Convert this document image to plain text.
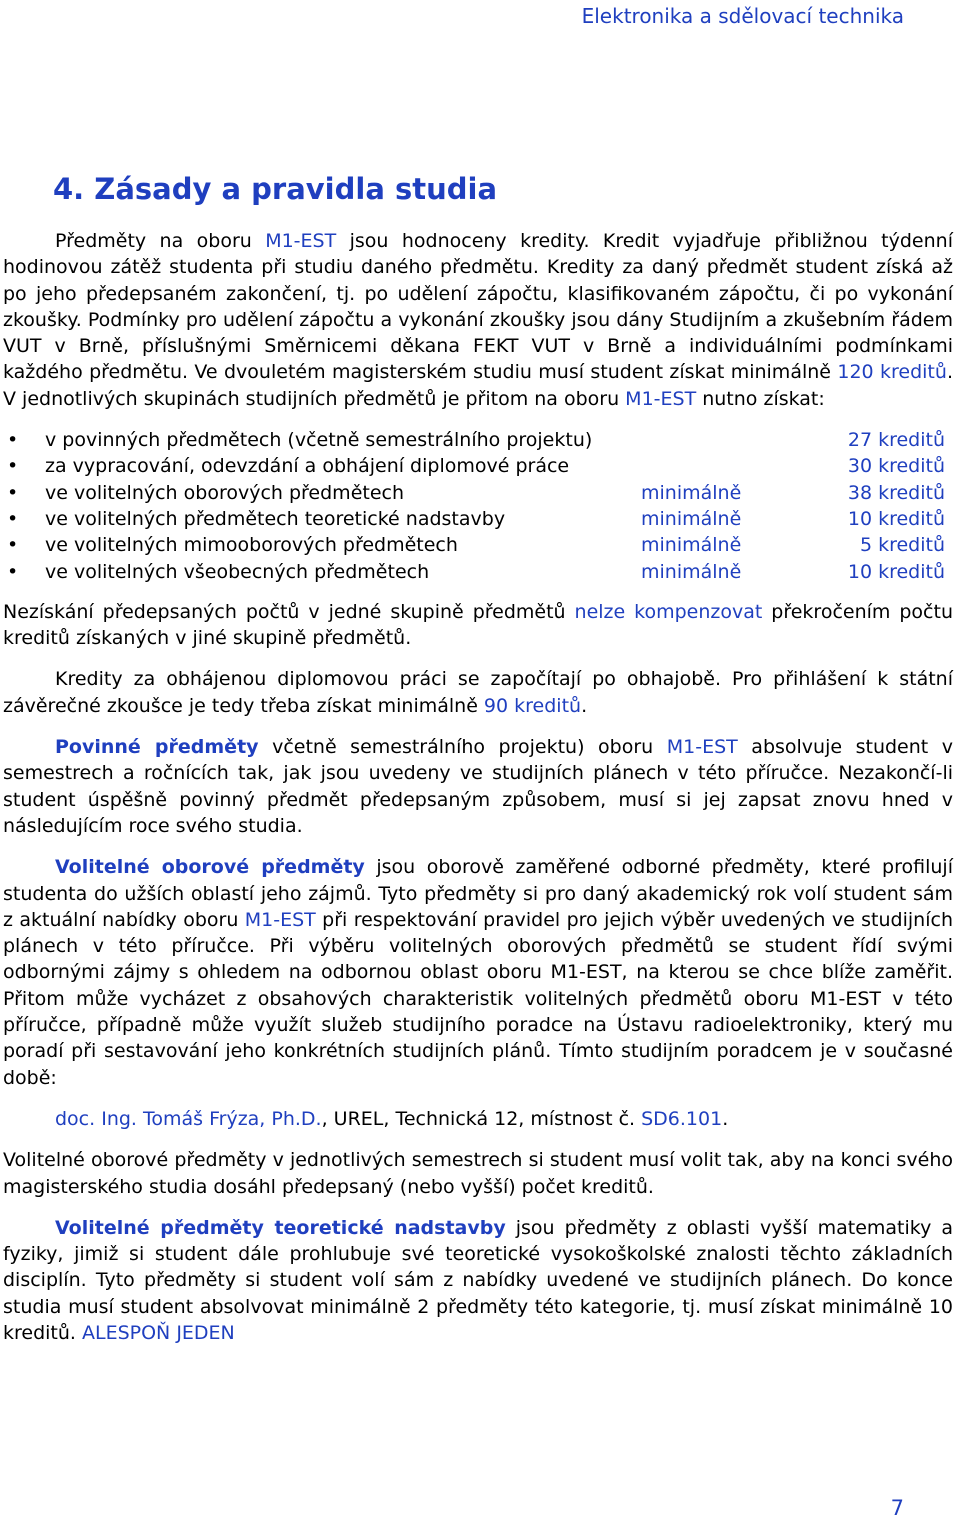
Elektronika a sdělovací technika
4. Zásady a pravidla studia

Předměty na oboru M1-EST jsou hodnoceny kredity. Kredit vyjadřuje přibližnou týdenní hodinovou zátěž studenta při studiu daného předmětu. Kredity za daný předmět student získá až po jeho předepsaném zakončení, tj. po udělení zápočtu, klasifikovaném zápočtu, či po vykonání zkoušky. Podmínky pro udělení zápočtu a vykonání zkoušky jsou dány Studijním a zkušebním řádem VUT v Brně, příslušnými Směrnicemi děkana FEKT VUT v Brně a individuálními podmínkami každého předmětu. Ve dvouletém magisterském studiu musí student získat minimálně 120 kreditů. V jednotlivých skupinách studijních předmětů je přitom na oboru M1-EST nutno získat:

• v povinných předmětech (včetně semestrálního projektu)	27 kreditů
• za vypracování, odevzdání a obhájení diplomové práce	30 kreditů
• ve volitelných oborových předmětech	minimálně	38 kreditů
• ve volitelných předmětech teoretické nadstavby	minimálně	10 kreditů
• ve volitelných mimooborových předmětech	minimálně	5 kreditů
• ve volitelných všeobecných předmětech	minimálně	10 kreditů

Nezískání předepsaných počtů v jedné skupině předmětů nelze kompenzovat překročením počtu kreditů získaných v jiné skupině předmětů.

Kredity za obhájenou diplomovou práci se započítají po obhajobě. Pro přihlášení k státní závěrečné zkoušce je tedy třeba získat minimálně 90 kreditů.

Povinné předměty včetně semestrálního projektu) oboru M1-EST absolvuje student v semestrech a ročnících tak, jak jsou uvedeny ve studijních plánech v této příručce. Nezakončí-li student úspěšně povinný předmět předepsaným způsobem, musí si jej zapsat znovu hned v následujícím roce svého studia.

Volitelné oborové předměty jsou oborově zaměřené odborné předměty, které profilují studenta do užších oblastí jeho zájmů. Tyto předměty si pro daný akademický rok volí student sám z aktuální nabídky oboru M1-EST při respektování pravidel pro jejich výběr uvedených ve studijních plánech v této příručce. Při výběru volitelných oborových předmětů se student řídí svými odbornými zájmy s ohledem na odbornou oblast oboru M1-EST, na kterou se chce blíže zaměřit. Přitom může vycházet z obsahových charakteristik volitelných předmětů oboru M1-EST v této příručce, případně může využít služeb studijního poradce na Ústavu radioelektroniky, který mu poradí při sestavování jeho konkrétních studijních plánů. Tímto studijním poradcem je v současné době:

doc. Ing. Tomáš Frýza, Ph.D., UREL, Technická 12, místnost č. SD6.101.

Volitelné oborové předměty v jednotlivých semestrech si student musí volit tak, aby na konci svého magisterského studia dosáhl předepsaný (nebo vyšší) počet kreditů.

Volitelné předměty teoretické nadstavby jsou předměty z oblasti vyšší matematiky a fyziky, jimiž si student dále prohlubuje své teoretické vysokoškolské znalosti těchto základních disciplín. Tyto předměty si student volí sám z nabídky uvedené ve studijních plánech. Do konce studia musí student absolvovat minimálně 2 předměty této kategorie, tj. musí získat minimálně 10 kreditů. ALESPOŇ JEDEN

7
